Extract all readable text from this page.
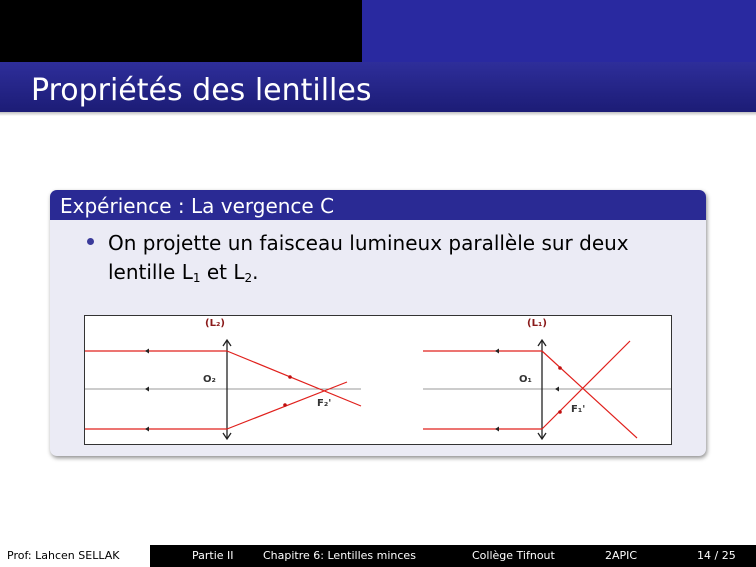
Propriétés des lentilles
Expérience : La vergence C
On projette un faisceau lumineux parallèle sur deux
lentille $L_1$ et $L_2$.
(L₂)
O₂
F₂'
(L₁)
O₁
F₁'
Prof: Lahcen SELLAK	Partie II	Chapitre 6: Lentilles minces	Collège Tifnout	2APIC	14 / 25
